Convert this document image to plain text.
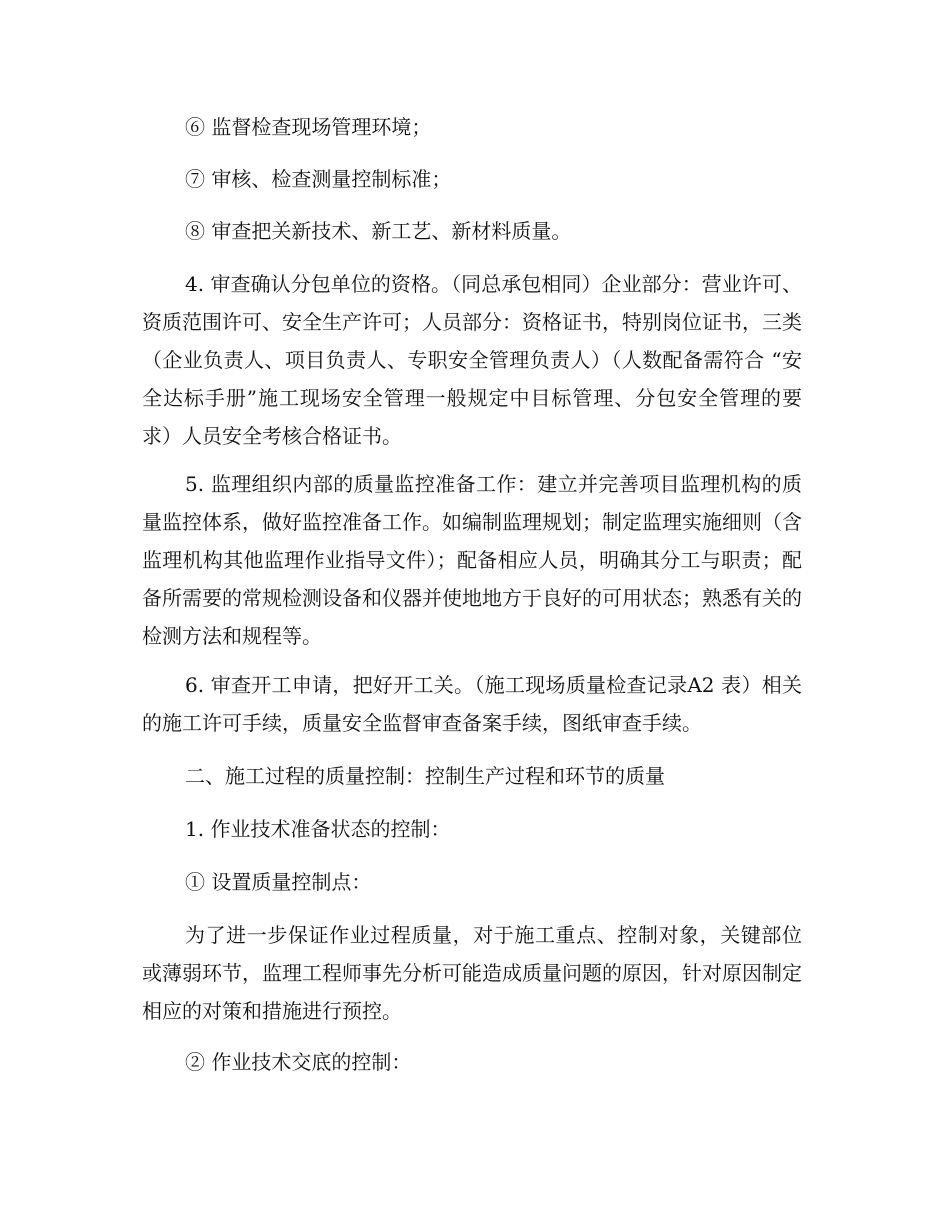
⑥ 监督检查现场管理环境；

⑦ 审核、检查测量控制标准；

⑧ 审查把关新技术、新工艺、新材料质量。

4. 审查确认分包单位的资格。（同总承包相同）企业部分：营业许可、资质范围许可、安全生产许可；人员部分：资格证书，特别岗位证书，三类（企业负责人、项目负责人、专职安全管理负责人）（人数配备需符合 “安全达标手册”施工现场安全管理一般规定中目标管理、分包安全管理的要求）人员安全考核合格证书。

5. 监理组织内部的质量监控准备工作：建立并完善项目监理机构的质量监控体系，做好监控准备工作。如编制监理规划；制定监理实施细则（含监理机构其他监理作业指导文件）；配备相应人员，明确其分工与职责；配备所需要的常规检测设备和仪器并使地地方于良好的可用状态；熟悉有关的检测方法和规程等。

6. 审查开工申请，把好开工关。（施工现场质量检查记录A2 表）相关的施工许可手续，质量安全监督审查备案手续，图纸审查手续。

二、施工过程的质量控制：控制生产过程和环节的质量

1. 作业技术准备状态的控制：

① 设置质量控制点：

为了进一步保证作业过程质量，对于施工重点、控制对象，关键部位或薄弱环节，监理工程师事先分析可能造成质量问题的原因，针对原因制定相应的对策和措施进行预控。

② 作业技术交底的控制：
